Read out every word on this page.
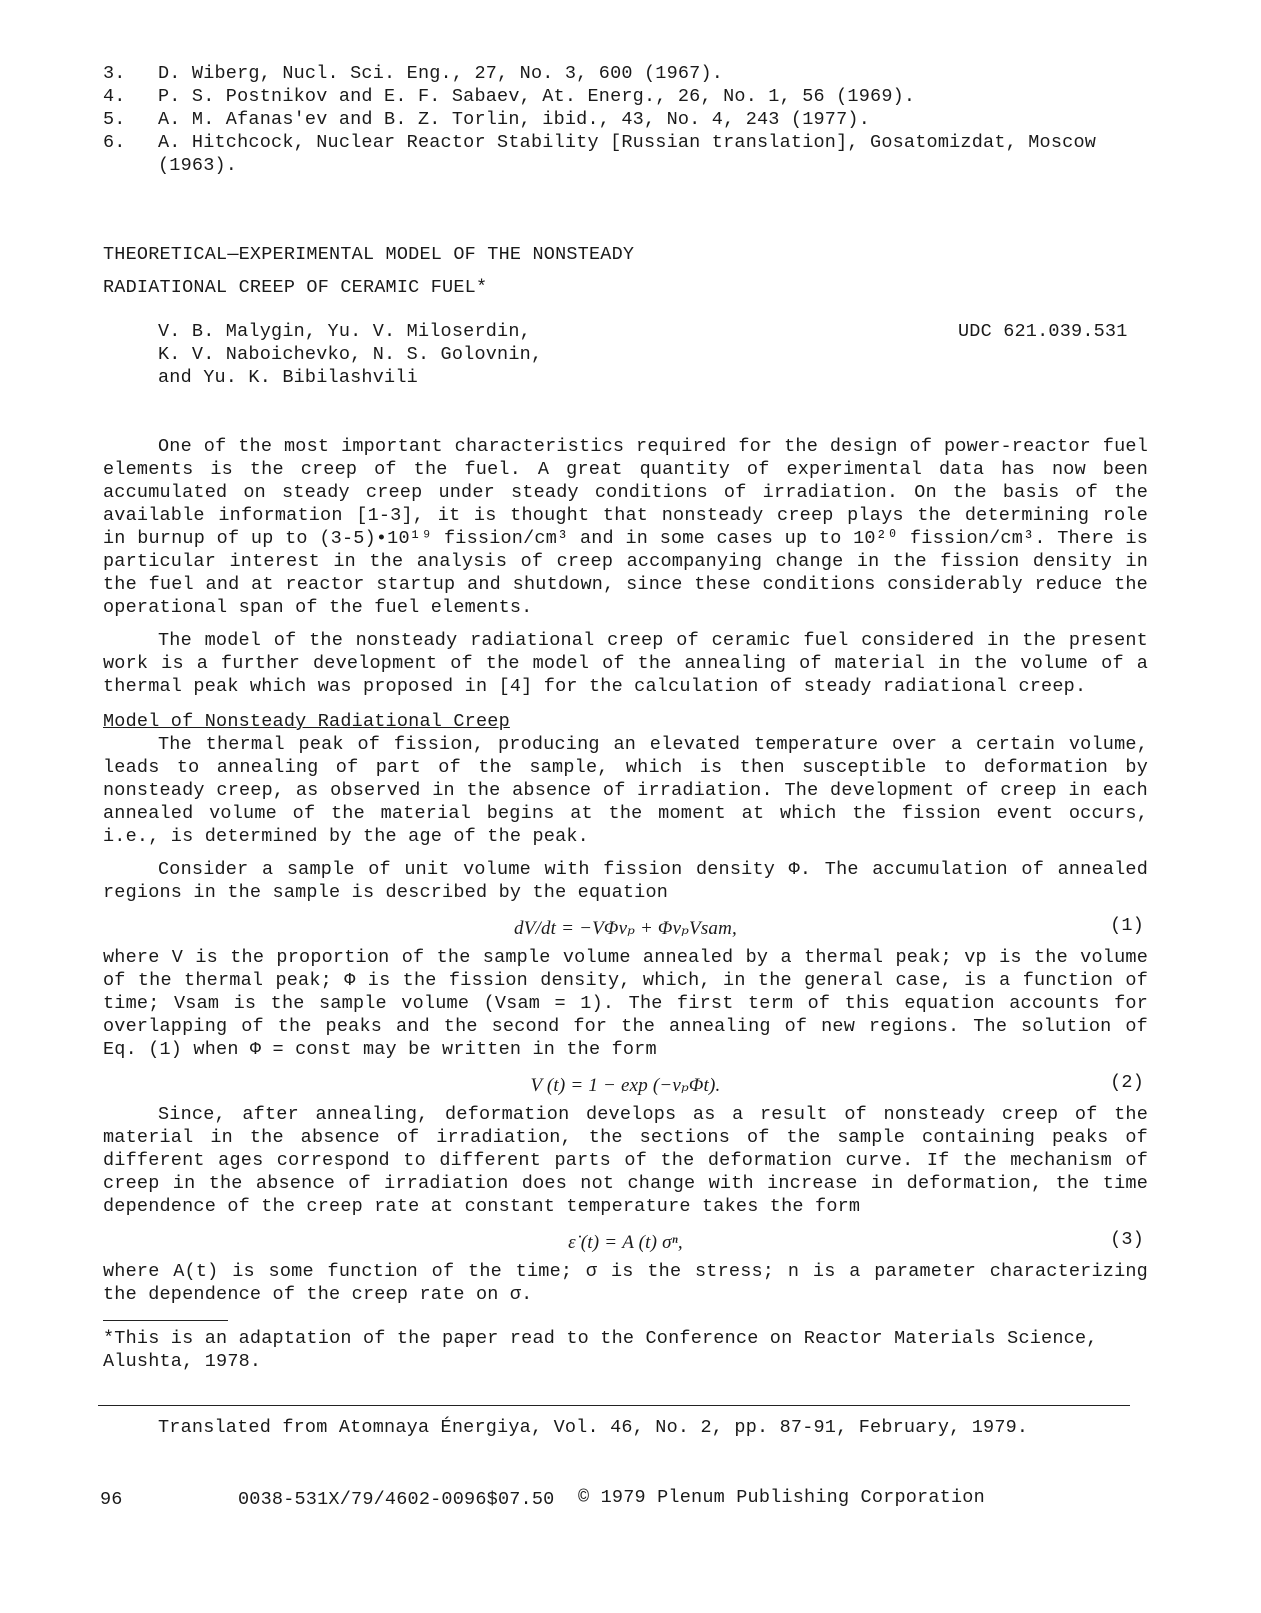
3.	D. Wiberg, Nucl. Sci. Eng., 27, No. 3, 600 (1967).
4.	P. S. Postnikov and E. F. Sabaev, At. Energ., 26, No. 1, 56 (1969).
5.	A. M. Afanas'ev and B. Z. Torlin, ibid., 43, No. 4, 243 (1977).
6.	A. Hitchcock, Nuclear Reactor Stability [Russian translation], Gosatomizdat, Moscow (1963).
THEORETICAL—EXPERIMENTAL MODEL OF THE NONSTEADY
RADIATIONAL CREEP OF CERAMIC FUEL*
V. B. Malygin, Yu. V. Miloserdin,
K. V. Naboichevko, N. S. Golovnin,
and Yu. K. Bibilashvili
UDC 621.039.531

One of the most important characteristics required for the design of power-reactor fuel elements is the creep of the fuel. A great quantity of experimental data has now been accumulated on steady creep under steady conditions of irradiation. On the basis of the available information [1-3], it is thought that nonsteady creep plays the determining role in burnup of up to (3-5)•10¹⁹ fission/cm³ and in some cases up to 10²⁰ fission/cm³. There is particular interest in the analysis of creep accompanying change in the fission density in the fuel and at reactor startup and shutdown, since these conditions considerably reduce the operational span of the fuel elements.

The model of the nonsteady radiational creep of ceramic fuel considered in the present work is a further development of the model of the annealing of material in the volume of a thermal peak which was proposed in [4] for the calculation of steady radiational creep.

Model of Nonsteady Radiational Creep

The thermal peak of fission, producing an elevated temperature over a certain volume, leads to annealing of part of the sample, which is then susceptible to deformation by nonsteady creep, as observed in the absence of irradiation. The development of creep in each annealed volume of the material begins at the moment at which the fission event occurs, i.e., is determined by the age of the peak.

Consider a sample of unit volume with fission density Φ. The accumulation of annealed regions in the sample is described by the equation

dV/dt = −VΦvₚ + ΦvₚVsam,	(1)

where V is the proportion of the sample volume annealed by a thermal peak; vp is the volume of the thermal peak; Φ is the fission density, which, in the general case, is a function of time; Vsam is the sample volume (Vsam = 1). The first term of this equation accounts for overlapping of the peaks and the second for the annealing of new regions. The solution of Eq. (1) when Φ = const may be written in the form

V (t) = 1 − exp (−vₚΦt).	(2)

Since, after annealing, deformation develops as a result of nonsteady creep of the material in the absence of irradiation, the sections of the sample containing peaks of different ages correspond to different parts of the deformation curve. If the mechanism of creep in the absence of irradiation does not change with increase in deformation, the time dependence of the creep rate at constant temperature takes the form

ε̇ (t) = A (t) σⁿ,	(3)

where A(t) is some function of the time; σ is the stress; n is a parameter characterizing the dependence of the creep rate on σ.

*This is an adaptation of the paper read to the Conference on Reactor Materials Science, Alushta, 1978.

Translated from Atomnaya Énergiya, Vol. 46, No. 2, pp. 87-91, February, 1979.
96	0038-531X/79/4602-0096$07.50 © 1979 Plenum Publishing Corporation
